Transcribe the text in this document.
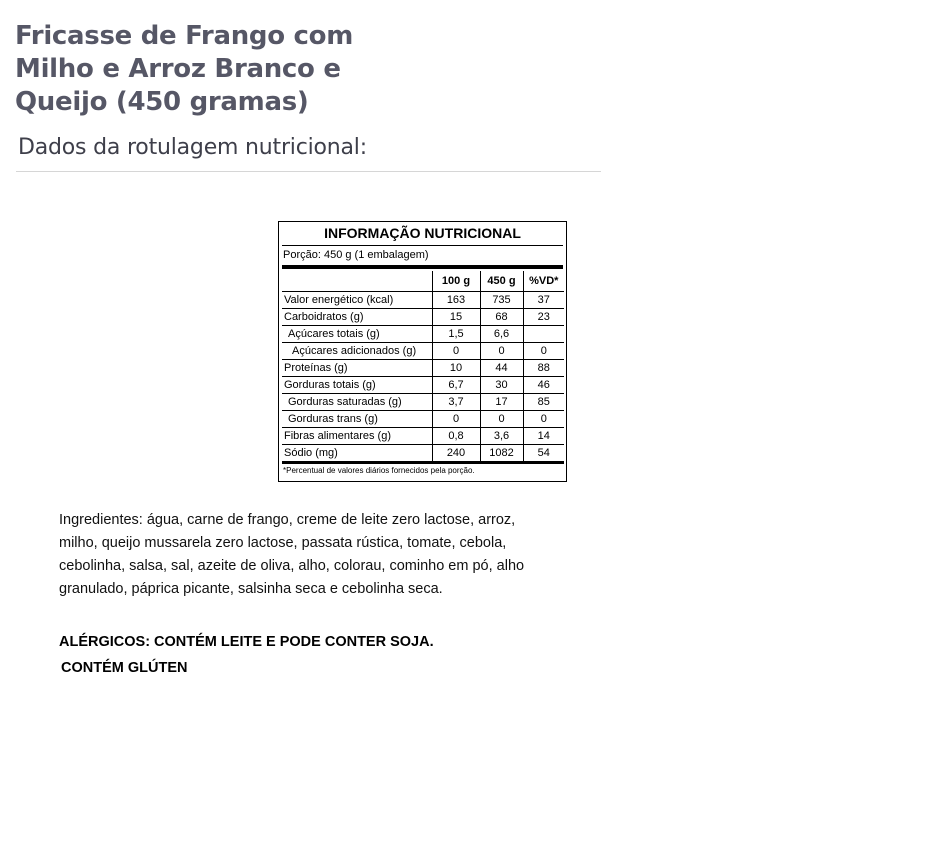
Fricasse de Frango com Milho e Arroz Branco e Queijo (450 gramas)
Dados da rotulagem nutricional:
INFORMAÇÃO NUTRICIONAL
Porção: 450 g (1 embalagem)
	100 g	450 g	%VD*
Valor energético (kcal)	163	735	37
Carboidratos (g)	15	68	23
Açúcares totais (g)	1,5	6,6	
Açúcares adicionados (g)	0	0	0
Proteínas (g)	10	44	88
Gorduras totais (g)	6,7	30	46
Gorduras saturadas (g)	3,7	17	85
Gorduras trans (g)	0	0	0
Fibras alimentares (g)	0,8	3,6	14
Sódio (mg)	240	1082	54
*Percentual de valores diários fornecidos pela porção.
Ingredientes: água, carne de frango, creme de leite zero lactose, arroz, milho, queijo mussarela zero lactose, passata rústica, tomate, cebola, cebolinha, salsa, sal, azeite de oliva, alho, colorau, cominho em pó, alho granulado, páprica picante, salsinha seca e cebolinha seca.
ALÉRGICOS: CONTÉM LEITE E PODE CONTER SOJA.
CONTÉM GLÚTEN
